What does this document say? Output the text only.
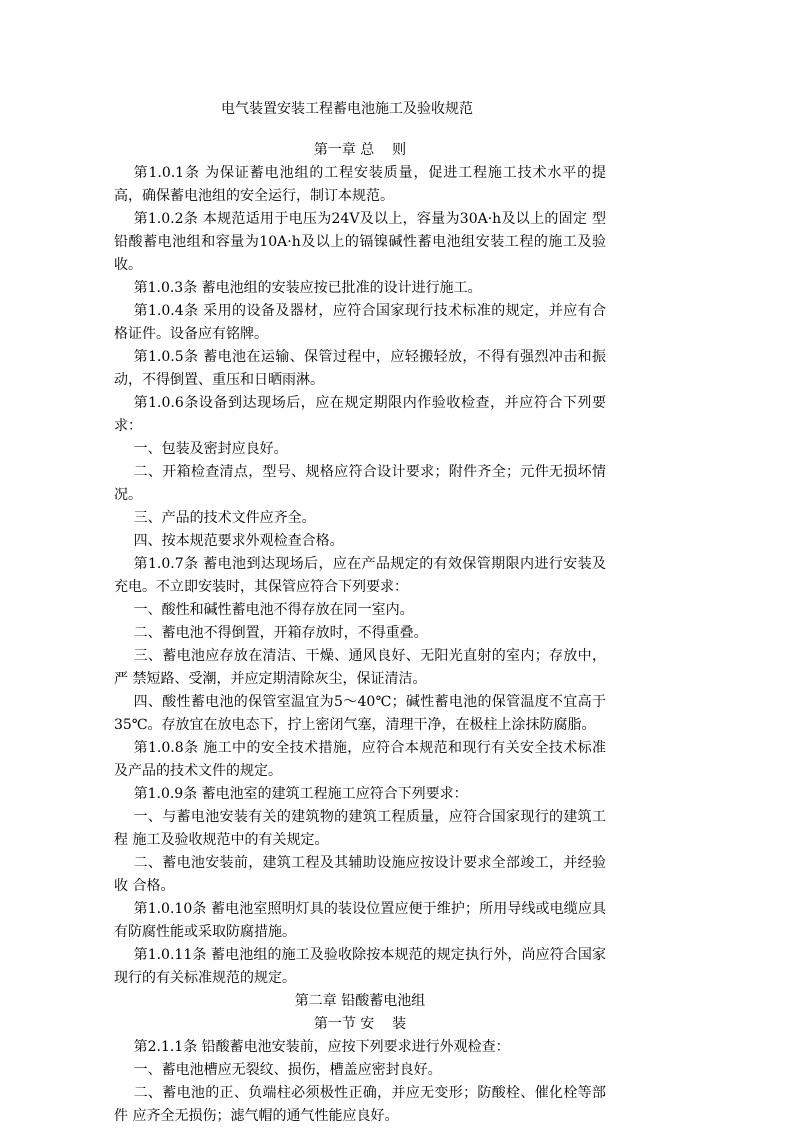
电气装置安装工程蓄电池施工及验收规范

第一章 总    则

第1.0.1条 为保证蓄电池组的工程安装质量，促进工程施工技术水平的提高，确保蓄电池组的安全运行，制订本规范。

第1.0.2条 本规范适用于电压为24V及以上，容量为30A·h及以上的固定 型铅酸蓄电池组和容量为10A·h及以上的镉镍碱性蓄电池组安装工程的施工及验收。

第1.0.3条 蓄电池组的安装应按已批准的设计进行施工。

第1.0.4条 采用的设备及器材，应符合国家现行技术标准的规定，并应有合格证件。设备应有铭牌。

第1.0.5条 蓄电池在运输、保管过程中，应轻搬轻放，不得有强烈冲击和振动，不得倒置、重压和日晒雨淋。

第1.0.6条设备到达现场后，应在规定期限内作验收检查，并应符合下列要求：

一、包装及密封应良好。

二、开箱检查清点，型号、规格应符合设计要求；附件齐全；元件无损坏情况。

三、产品的技术文件应齐全。

四、按本规范要求外观检查合格。

第1.0.7条 蓄电池到达现场后，应在产品规定的有效保管期限内进行安装及充电。不立即安装时，其保管应符合下列要求：

一、酸性和碱性蓄电池不得存放在同一室内。

二、蓄电池不得倒置，开箱存放时，不得重叠。

三、蓄电池应存放在清洁、干燥、通风良好、无阳光直射的室内；存放中，严 禁短路、受潮，并应定期清除灰尘，保证清洁。

四、酸性蓄电池的保管室温宜为5～40℃；碱性蓄电池的保管温度不宜高于 35℃。存放宜在放电态下，拧上密闭气塞，清理干净，在极柱上涂抹防腐脂。

第1.0.8条 施工中的安全技术措施，应符合本规范和现行有关安全技术标准及产品的技术文件的规定。

第1.0.9条 蓄电池室的建筑工程施工应符合下列要求：

一、与蓄电池安装有关的建筑物的建筑工程质量，应符合国家现行的建筑工程 施工及验收规范中的有关规定。

二、蓄电池安装前，建筑工程及其辅助设施应按设计要求全部竣工，并经验收 合格。

第1.0.10条 蓄电池室照明灯具的装设位置应便于维护；所用导线或电缆应具有防腐性能或采取防腐措施。

第1.0.11条 蓄电池组的施工及验收除按本规范的规定执行外，尚应符合国家现行的有关标准规范的规定。

第二章 铅酸蓄电池组

第一节 安    装

第2.1.1条 铅酸蓄电池安装前，应按下列要求进行外观检查：

一、蓄电池槽应无裂纹、损伤，槽盖应密封良好。

二、蓄电池的正、负端柱必须极性正确，并应无变形；防酸栓、催化栓等部件 应齐全无损伤；滤气帽的通气性能应良好。
